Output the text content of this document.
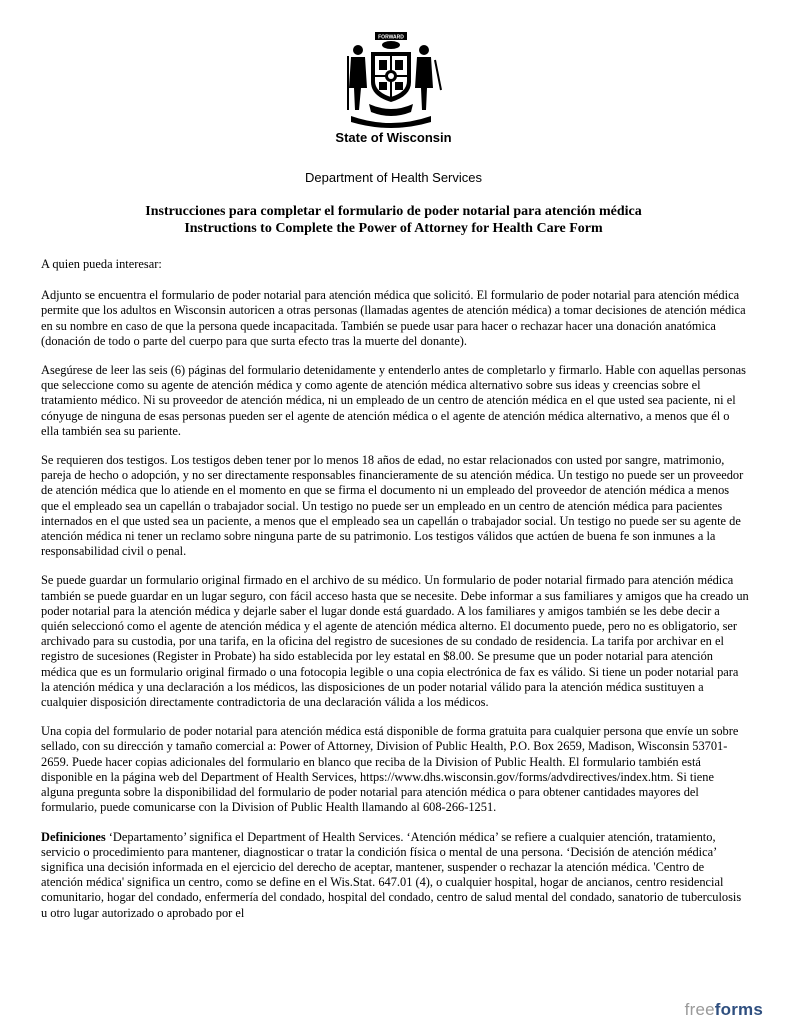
FORWARD
State of Wisconsin
Department of Health Services
Instrucciones para completar el formulario de poder notarial para atención médica
Instructions to Complete the Power of Attorney for Health Care Form

A quien pueda interesar:

Adjunto se encuentra el formulario de poder notarial para atención médica que solicitó. El formulario de poder notarial para atención médica permite que los adultos en Wisconsin autoricen a otras personas (llamadas agentes de atención médica) a tomar decisiones de atención médica en su nombre en caso de que la persona quede incapacitada. También se puede usar para hacer o rechazar hacer una donación anatómica (donación de todo o parte del cuerpo para que surta efecto tras la muerte del donante).

Asegúrese de leer las seis (6) páginas del formulario detenidamente y entenderlo antes de completarlo y firmarlo. Hable con aquellas personas que seleccione como su agente de atención médica y como agente de atención médica alternativo sobre sus ideas y creencias sobre el tratamiento médico. Ni su proveedor de atención médica, ni un empleado de un centro de atención médica en el que usted sea paciente, ni el cónyuge de ninguna de esas personas pueden ser el agente de atención médica o el agente de atención médica alternativo, a menos que él o ella también sea su pariente.

Se requieren dos testigos. Los testigos deben tener por lo menos 18 años de edad, no estar relacionados con usted por sangre, matrimonio, pareja de hecho o adopción, y no ser directamente responsables financieramente de su atención médica. Un testigo no puede ser un proveedor de atención médica que lo atiende en el momento en que se firma el documento ni un empleado del proveedor de atención médica a menos que el empleado sea un capellán o trabajador social. Un testigo no puede ser un empleado en un centro de atención médica para pacientes internados en el que usted sea un paciente, a menos que el empleado sea un capellán o trabajador social. Un testigo no puede ser su agente de atención médica ni tener un reclamo sobre ninguna parte de su patrimonio. Los testigos válidos que actúen de buena fe son inmunes a la responsabilidad civil o penal.

Se puede guardar un formulario original firmado en el archivo de su médico. Un formulario de poder notarial firmado para atención médica también se puede guardar en un lugar seguro, con fácil acceso hasta que se necesite. Debe informar a sus familiares y amigos que ha creado un poder notarial para la atención médica y dejarle saber el lugar donde está guardado. A los familiares y amigos también se les debe decir a quién seleccionó como el agente de atención médica y el agente de atención médica alterno. El documento puede, pero no es obligatorio, ser archivado para su custodia, por una tarifa, en la oficina del registro de sucesiones de su condado de residencia. La tarifa por archivar en el registro de sucesiones (Register in Probate) ha sido establecida por ley estatal en $8.00. Se presume que un poder notarial para atención médica que es un formulario original firmado o una fotocopia legible o una copia electrónica de fax es válido. Si tiene un poder notarial para la atención médica y una declaración a los médicos, las disposiciones de un poder notarial válido para la atención médica sustituyen a cualquier disposición directamente contradictoria de una declaración válida a los médicos.

Una copia del formulario de poder notarial para atención médica está disponible de forma gratuita para cualquier persona que envíe un sobre sellado, con su dirección y tamaño comercial a: Power of Attorney, Division of Public Health, P.O. Box 2659, Madison, Wisconsin 53701-2659. Puede hacer copias adicionales del formulario en blanco que reciba de la Division of Public Health. El formulario también está disponible en la página web del Department of Health Services, https://www.dhs.wisconsin.gov/forms/advdirectives/index.htm. Si tiene alguna pregunta sobre la disponibilidad del formulario de poder notarial para atención médica o para obtener cantidades mayores del formulario, puede comunicarse con la Division of Public Health llamando al 608-266-1251.

Definiciones ‘Departamento’ significa el Department of Health Services. ‘Atención médica’ se refiere a cualquier atención, tratamiento, servicio o procedimiento para mantener, diagnosticar o tratar la condición física o mental de una persona. ‘Decisión de atención médica’ significa una decisión informada en el ejercicio del derecho de aceptar, mantener, suspender o rechazar la atención médica. 'Centro de atención médica' significa un centro, como se define en el Wis.Stat. 647.01 (4), o cualquier hospital, hogar de ancianos, centro residencial comunitario, hogar del condado, enfermería del condado, hospital del condado, centro de salud mental del condado, sanatorio de tuberculosis u otro lugar autorizado o aprobado por el

freeforms
